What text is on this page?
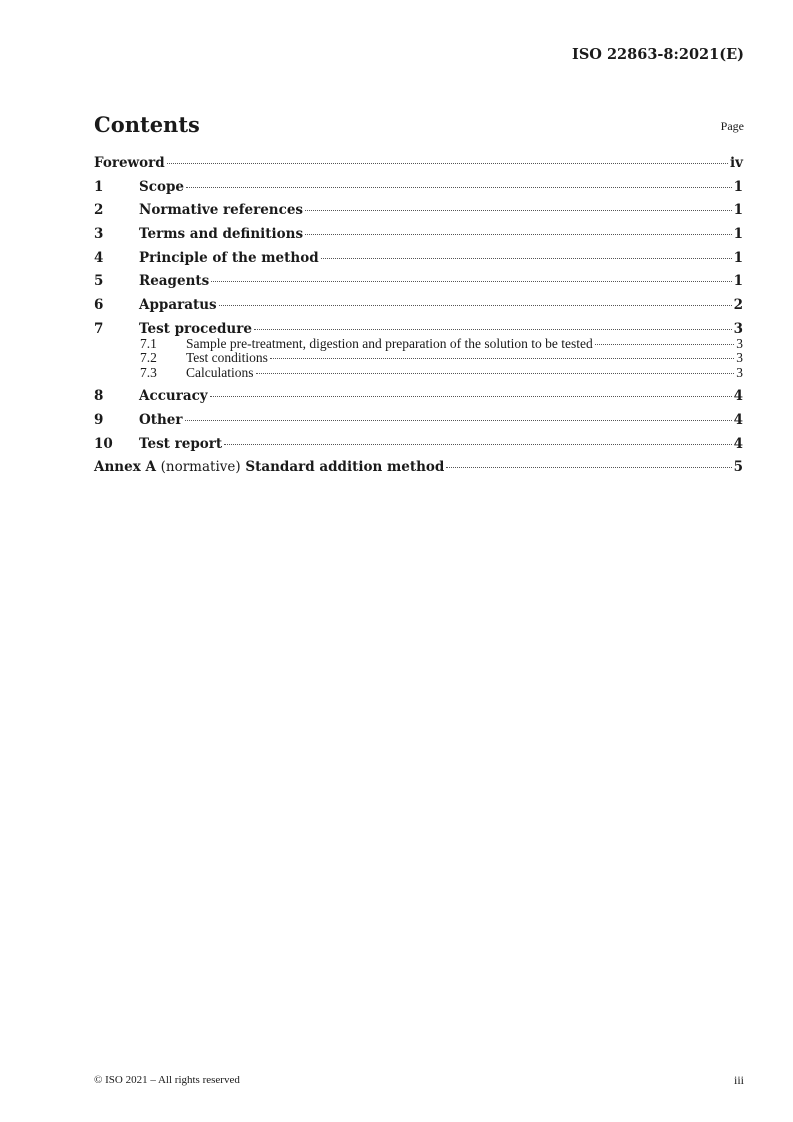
ISO 22863-8:2021(E)
Contents	Page
Foreword	iv
1	Scope	1
2	Normative references	1
3	Terms and definitions	1
4	Principle of the method	1
5	Reagents	1
6	Apparatus	2
7	Test procedure	3
7.1	Sample pre-treatment, digestion and preparation of the solution to be tested	3
7.2	Test conditions	3
7.3	Calculations	3
8	Accuracy	4
9	Other	4
10	Test report	4
Annex A (normative) Standard addition method	5
© ISO 2021 – All rights reserved	iii
